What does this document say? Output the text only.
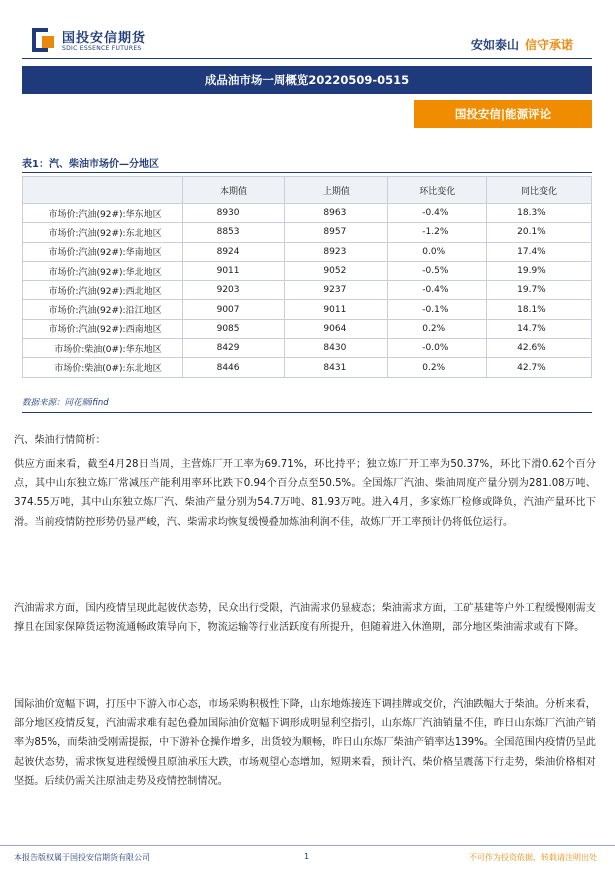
国投安信期货
SDIC ESSENCE FUTURES	安如泰山 信守承诺
成品油市场一周概览20220509-0515
国投安信|能源评论
表1：汽、柴油市场价—分地区
	本期值	上期值	环比变化	同比变化
市场价:汽油(92#):华东地区	8930	8963	-0.4%	18.3%
市场价:汽油(92#):东北地区	8853	8957	-1.2%	20.1%
市场价:汽油(92#):华南地区	8924	8923	0.0%	17.4%
市场价:汽油(92#):华北地区	9011	9052	-0.5%	19.9%
市场价:汽油(92#):西北地区	9203	9237	-0.4%	19.7%
市场价:汽油(92#):沿江地区	9007	9011	-0.1%	18.1%
市场价:汽油(92#):西南地区	9085	9064	0.2%	14.7%
市场价:柴油(0#):华东地区	8429	8430	-0.0%	42.6%
市场价:柴油(0#):东北地区	8446	8431	0.2%	42.7%
数据来源：同花顺ifind
汽、柴油行情简析：
供应方面来看，截至4月28日当周，主营炼厂开工率为69.71%，环比持平；独立炼厂开工率为50.37%，环比下滑0.62个百分点，其中山东独立炼厂常减压产能利用率环比跌下0.94个百分点至50.5%。全国炼厂汽油、柴油周度产量分别为281.08万吨、374.55万吨，其中山东独立炼厂汽、柴油产量分别为54.7万吨、81.93万吨。进入4月，多家炼厂检修或降负，汽油产量环比下滑。当前疫情防控形势仍显严峻，汽、柴需求均恢复缓慢叠加炼油利润不佳，故炼厂开工率预计仍将低位运行。
汽油需求方面，国内疫情呈现此起彼伏态势，民众出行受限，汽油需求仍显疲态；柴油需求方面，工矿基建等户外工程缓慢刚需支撑且在国家保障货运物流通畅政策导向下，物流运输等行业活跃度有所提升，但随着进入休渔期，部分地区柴油需求或有下降。
国际油价宽幅下调，打压中下游入市心态，市场采购积极性下降，山东地炼接连下调挂牌或交价，汽油跌幅大于柴油。分析来看，部分地区疫情反复，汽油需求难有起色叠加国际油价宽幅下调形成明显利空指引，山东炼厂汽油销量不佳，昨日山东炼厂汽油产销率为85%，而柴油受刚需提振，中下游补仓操作增多，出货较为顺畅，昨日山东炼厂柴油产销率达139%。全国范围内疫情仍呈此起彼伏态势，需求恢复进程缓慢且原油承压大跌，市场观望心态增加，短期来看，预计汽、柴价格呈震荡下行走势，柴油价格相对坚挺。后续仍需关注原油走势及疫情控制情况。
本报告版权属于国投安信期货有限公司	1	不可作为投资依据，转载请注明出处
